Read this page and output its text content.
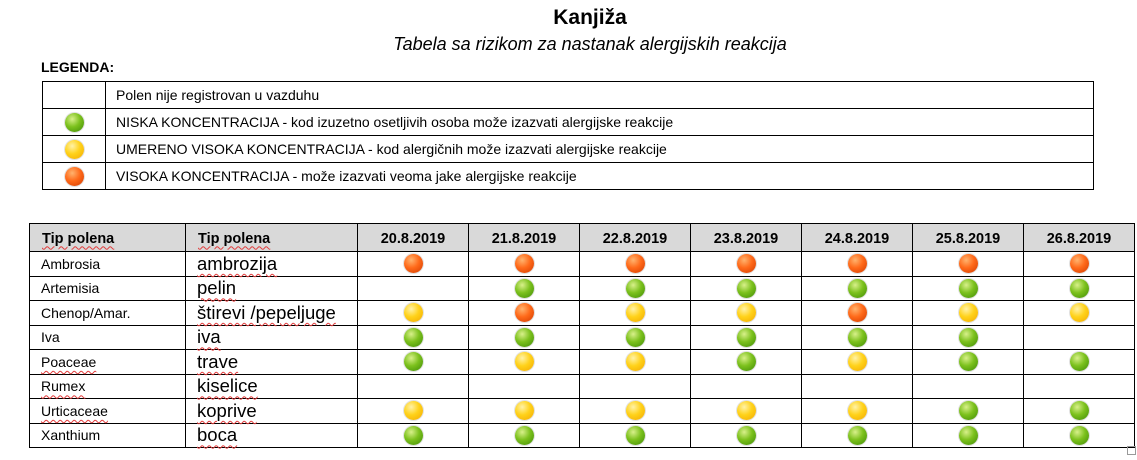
Kanjiža
Tabela sa rizikom za nastanak alergijskih reakcija
LEGENDA:
	Polen nije registrovan u vazduhu
	NISKA KONCENTRACIJA - kod izuzetno osetljivih osoba može izazvati alergijske reakcije
	UMERENO VISOKA KONCENTRACIJA - kod alergičnih može izazvati alergijske reakcije
	VISOKA KONCENTRACIJA - može izazvati veoma jake alergijske reakcije
Tip polena	Tip polena	20.8.2019	21.8.2019	22.8.2019	23.8.2019	24.8.2019	25.8.2019	26.8.2019
Ambrosia	ambrozija							
Artemisia	pelin							
Chenop/Amar.	štirevi /pepeljuge							
Iva	iva							
Poaceae	trave							
Rumex	kiselice							
Urticaceae	koprive							
Xanthium	boca							
